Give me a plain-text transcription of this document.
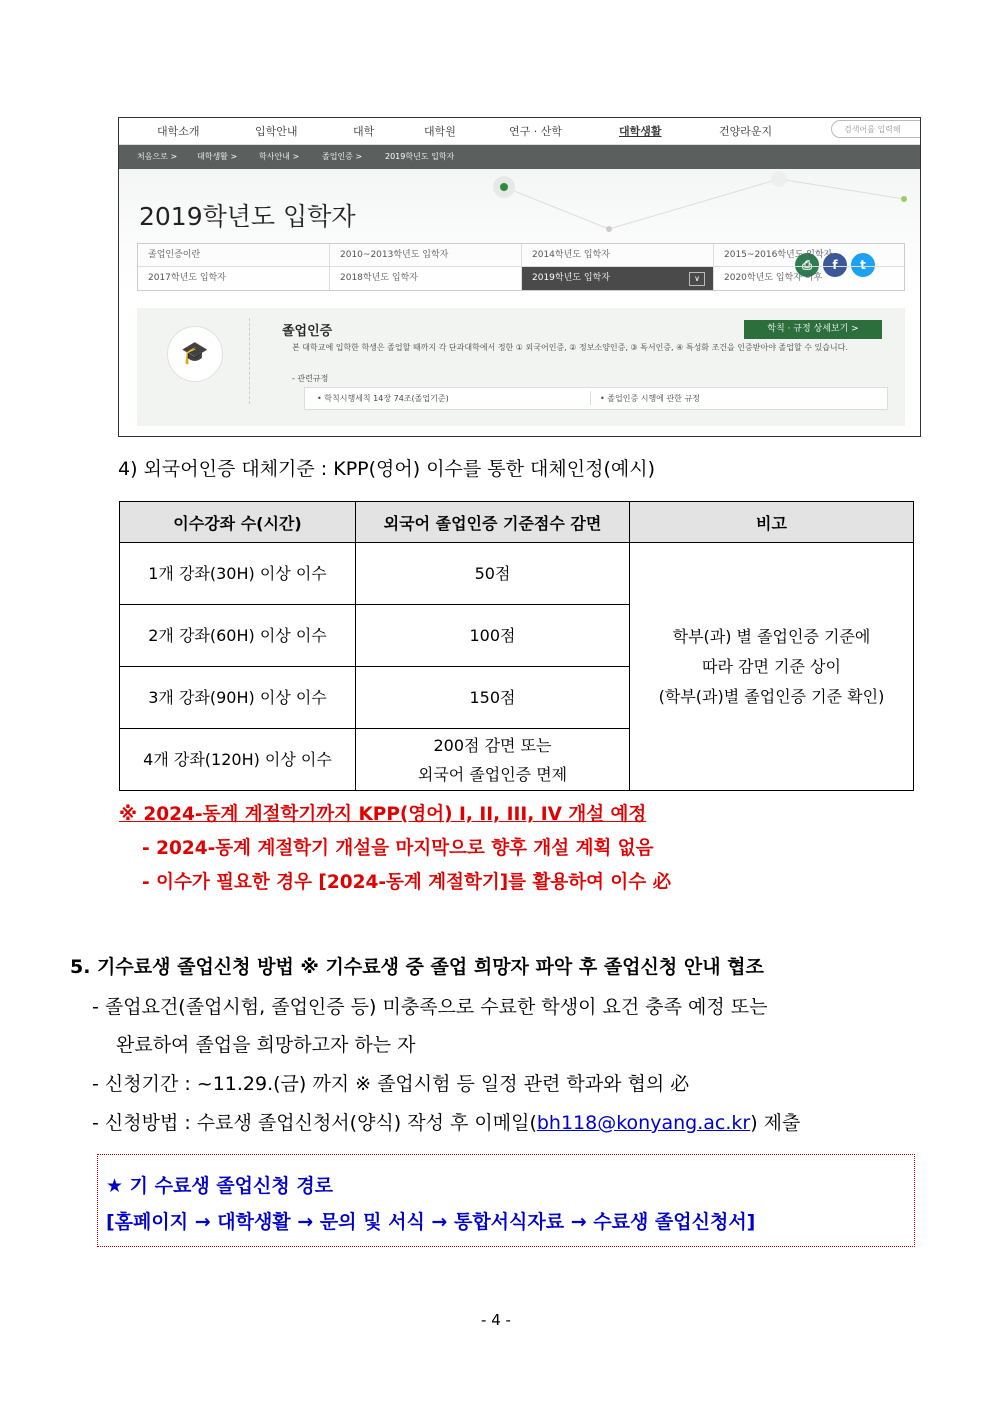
대학소개	입학안내	대학	대학원	연구 · 산학	대학생활	건양라운지	검색어를 입력해
처음으로 > 대학생활 >	학사안내 >	졸업인증 >	2019학년도 입학자
2019학년도 입학자
⎙	f	t
졸업인증이란	2010~2013학년도 입학자	2014학년도 입학자	2015~2016학년도 입학자
2017학년도 입학자	2018학년도 입학자	2019학년도 입학자	∨	2020학년도 입학자 이후
🎓
졸업인증	학칙 · 규정 상세보기 >
본 대학교에 입학한 학생은 졸업할 때까지 각 단과대학에서 정한 ① 외국어인증, ② 정보소양인증, ③ 독서인증, ④ 특성화 조건을 인증받아야 졸업할 수 있습니다.
- 관련규정
• 학칙시행세칙 14장 74조(졸업기준)	• 졸업인증 시행에 관한 규정
4) 외국어인증 대체기준 : KPP(영어) 이수를 통한 대체인정(예시)
이수강좌 수(시간)	외국어 졸업인증 기준점수 감면	비고
1개 강좌(30H) 이상 이수	50점	학부(과) 별 졸업인증 기준에
따라 감면 기준 상이
(학부(과)별 졸업인증 기준 확인)

2개 강좌(60H) 이상 이수	100점	
3개 강좌(90H) 이상 이수	150점	
4개 강좌(120H) 이상 이수	200점 감면 또는
외국어 졸업인증 면제	
※ 2024-동계 계절학기까지 KPP(영어) I, II, III, IV 개설 예정
- 2024-동계 계절학기 개설을 마지막으로 향후 개설 계획 없음
- 이수가 필요한 경우 [2024-동계 계절학기]를 활용하여 이수 必
5. 기수료생 졸업신청 방법 ※ 기수료생 중 졸업 희망자 파악 후 졸업신청 안내 협조
- 졸업요건(졸업시험, 졸업인증 등) 미충족으로 수료한 학생이 요건 충족 예정 또는
완료하여 졸업을 희망하고자 하는 자
- 신청기간 : ~11.29.(금) 까지 ※ 졸업시험 등 일정 관련 학과와 협의 必
- 신청방법 : 수료생 졸업신청서(양식) 작성 후 이메일(bh118@konyang.ac.kr) 제출
★ 기 수료생 졸업신청 경로
[홈페이지 → 대학생활 → 문의 및 서식 → 통합서식자료 → 수료생 졸업신청서]
- 4 -
